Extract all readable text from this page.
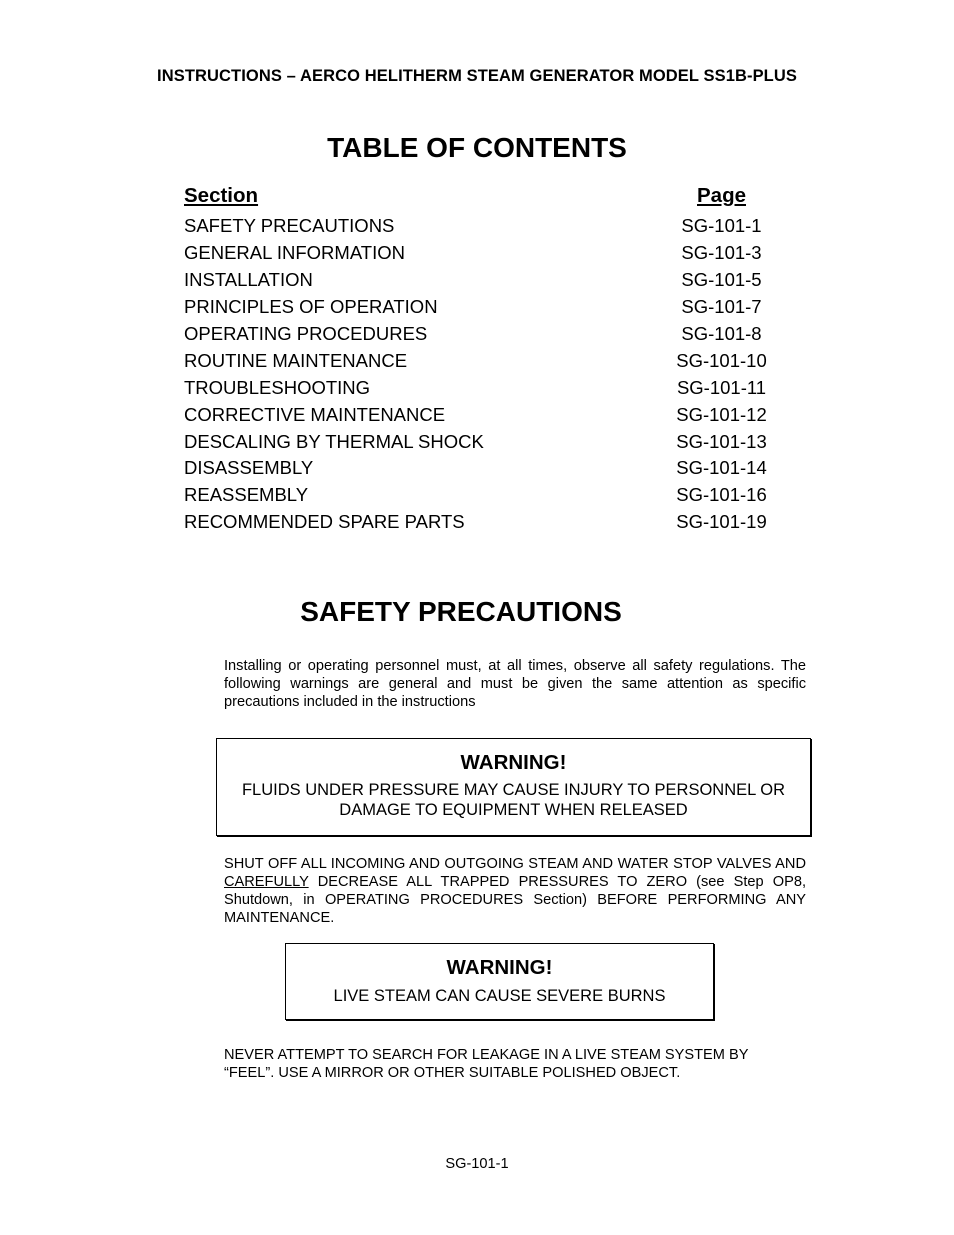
INSTRUCTIONS – AERCO HELITHERM STEAM GENERATOR MODEL SS1B-PLUS
TABLE OF CONTENTS
Section	Page
SAFETY PRECAUTIONS	SG-101-1
GENERAL INFORMATION	SG-101-3
INSTALLATION	SG-101-5
PRINCIPLES OF OPERATION	SG-101-7
OPERATING PROCEDURES	SG-101-8
ROUTINE MAINTENANCE	SG-101-10
TROUBLESHOOTING	SG-101-11
CORRECTIVE MAINTENANCE	SG-101-12
DESCALING BY THERMAL SHOCK	SG-101-13
DISASSEMBLY	SG-101-14
REASSEMBLY	SG-101-16
RECOMMENDED SPARE PARTS	SG-101-19
SAFETY PRECAUTIONS
Installing or operating personnel must, at all times, observe all safety regulations. The following warnings are general and must be given the same attention as specific precautions included in the instructions
WARNING!
FLUIDS UNDER PRESSURE MAY CAUSE INJURY TO PERSONNEL OR
DAMAGE TO EQUIPMENT WHEN RELEASED
SHUT OFF ALL INCOMING AND OUTGOING STEAM AND WATER STOP VALVES AND CAREFULLY DECREASE ALL TRAPPED PRESSURES TO ZERO (see Step OP8, Shutdown, in OPERATING PROCEDURES Section) BEFORE PERFORMING ANY MAINTENANCE.
WARNING!
LIVE STEAM CAN CAUSE SEVERE BURNS
NEVER ATTEMPT TO SEARCH FOR LEAKAGE IN A LIVE STEAM SYSTEM BY
“FEEL”. USE A MIRROR OR OTHER SUITABLE POLISHED OBJECT.
SG-101-1
